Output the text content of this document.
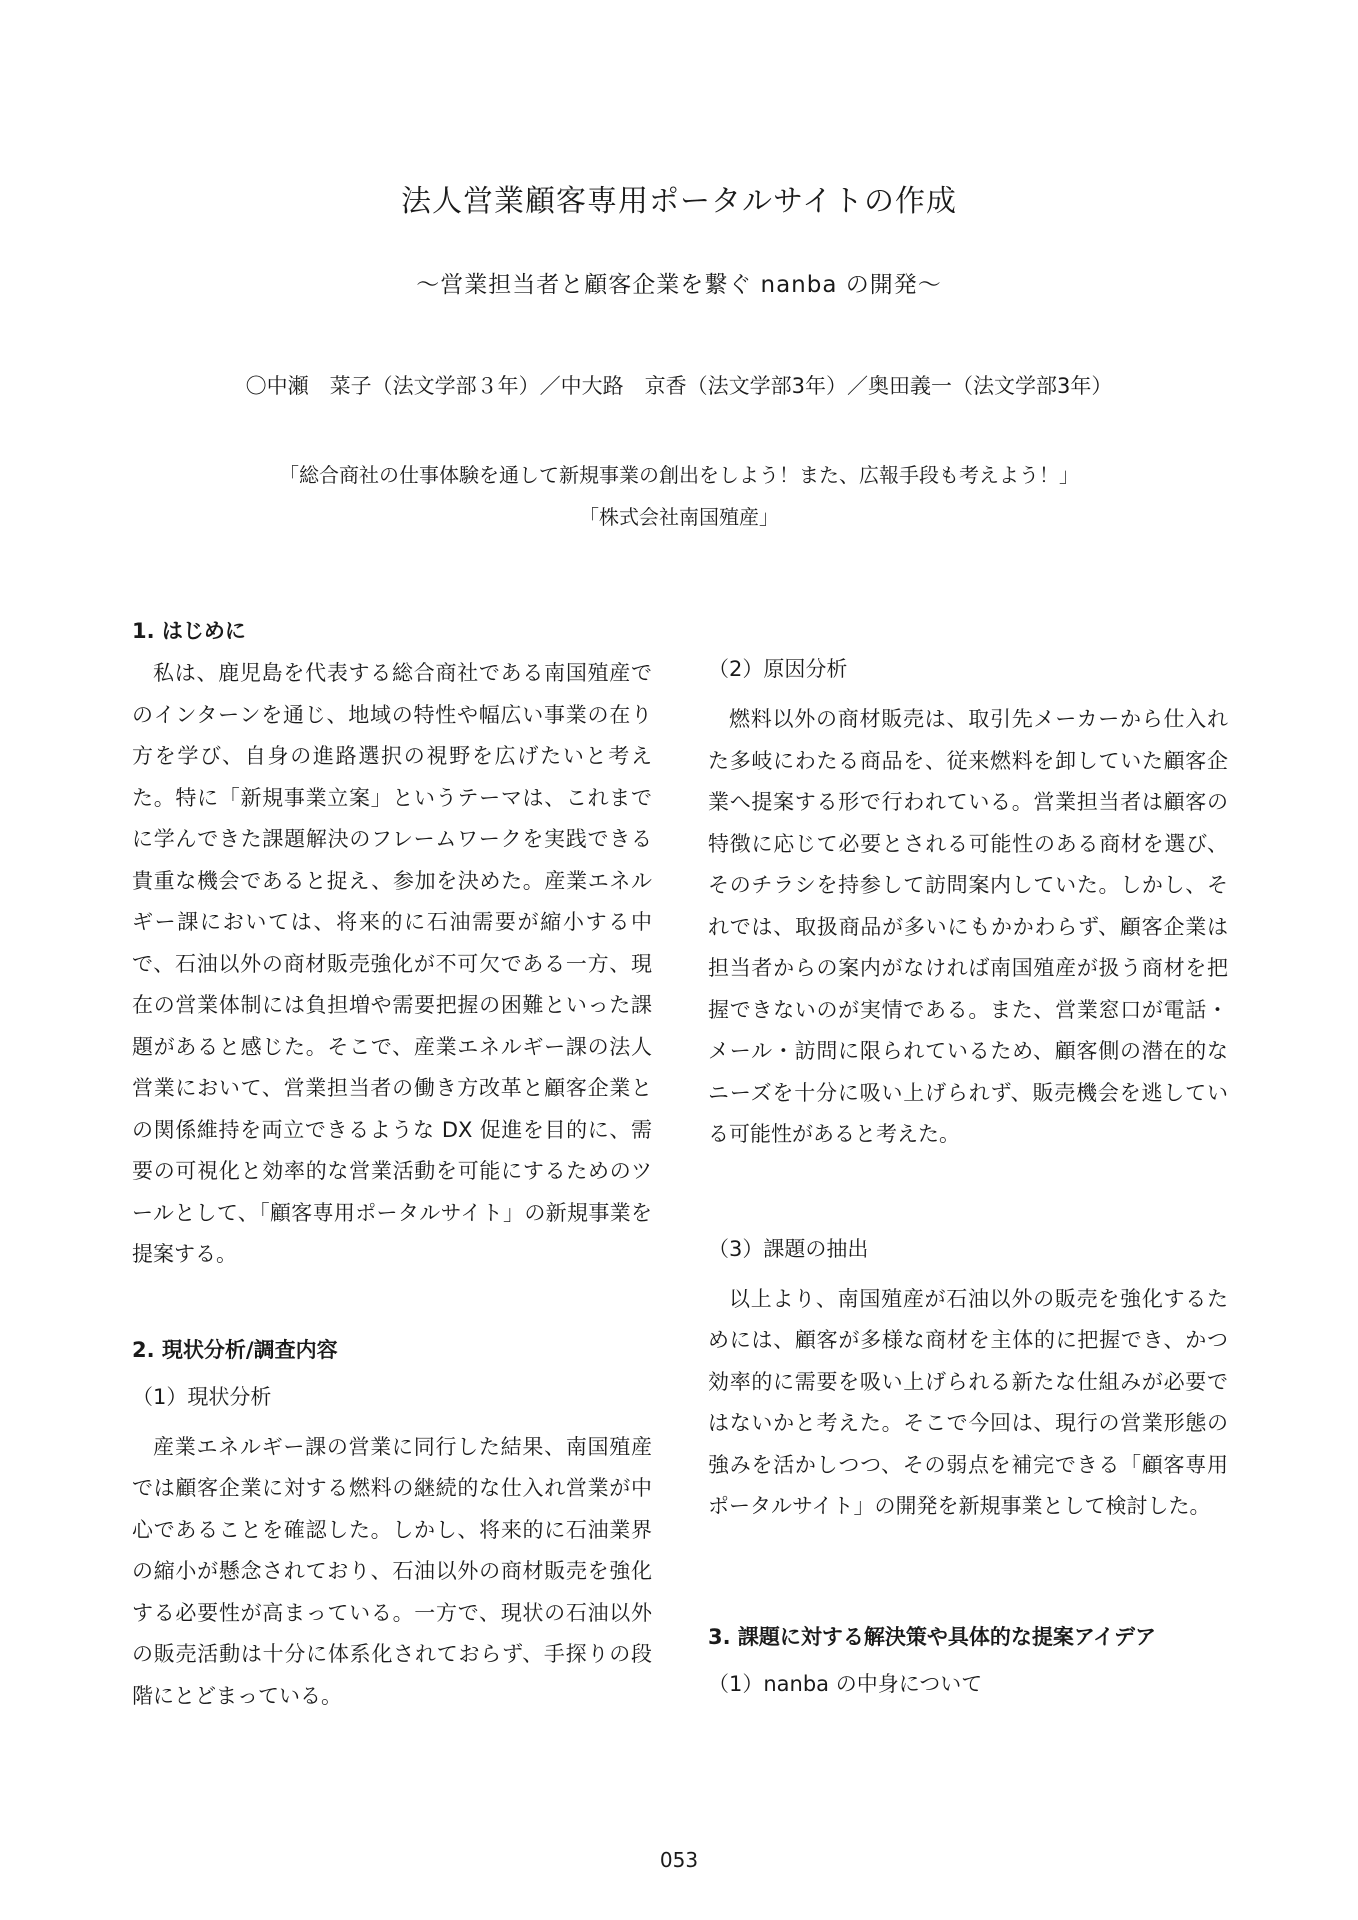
法人営業顧客専用ポータルサイトの作成
～営業担当者と顧客企業を繋ぐ nanba の開発～
〇中瀬　菜子（法文学部３年）／中大路　京香（法文学部3年）／奥田義一（法文学部3年）
「総合商社の仕事体験を通して新規事業の創出をしよう！また、広報手段も考えよう！」
「株式会社南国殖産」
1. はじめに
私は、鹿児島を代表する総合商社である南国殖産でのインターンを通じ、地域の特性や幅広い事業の在り方を学び、自身の進路選択の視野を広げたいと考えた。特に「新規事業立案」というテーマは、これまでに学んできた課題解決のフレームワークを実践できる貴重な機会であると捉え、参加を決めた。産業エネルギー課においては、将来的に石油需要が縮小する中で、石油以外の商材販売強化が不可欠である一方、現在の営業体制には負担増や需要把握の困難といった課題があると感じた。そこで、産業エネルギー課の法人営業において、営業担当者の働き方改革と顧客企業との関係維持を両立できるような DX 促進を目的に、需要の可視化と効率的な営業活動を可能にするためのツールとして、「顧客専用ポータルサイト」の新規事業を提案する。
2. 現状分析/調査内容
（1）現状分析
産業エネルギー課の営業に同行した結果、南国殖産では顧客企業に対する燃料の継続的な仕入れ営業が中心であることを確認した。しかし、将来的に石油業界の縮小が懸念されており、石油以外の商材販売を強化する必要性が高まっている。一方で、現状の石油以外の販売活動は十分に体系化されておらず、手探りの段階にとどまっている。
（2）原因分析
燃料以外の商材販売は、取引先メーカーから仕入れた多岐にわたる商品を、従来燃料を卸していた顧客企業へ提案する形で行われている。営業担当者は顧客の特徴に応じて必要とされる可能性のある商材を選び、そのチラシを持参して訪問案内していた。しかし、それでは、取扱商品が多いにもかかわらず、顧客企業は担当者からの案内がなければ南国殖産が扱う商材を把握できないのが実情である。また、営業窓口が電話・メール・訪問に限られているため、顧客側の潜在的なニーズを十分に吸い上げられず、販売機会を逃している可能性があると考えた。
（3）課題の抽出
以上より、南国殖産が石油以外の販売を強化するためには、顧客が多様な商材を主体的に把握でき、かつ効率的に需要を吸い上げられる新たな仕組みが必要ではないかと考えた。そこで今回は、現行の営業形態の強みを活かしつつ、その弱点を補完できる「顧客専用ポータルサイト」の開発を新規事業として検討した。
3. 課題に対する解決策や具体的な提案アイデア
（1）nanba の中身について
053
